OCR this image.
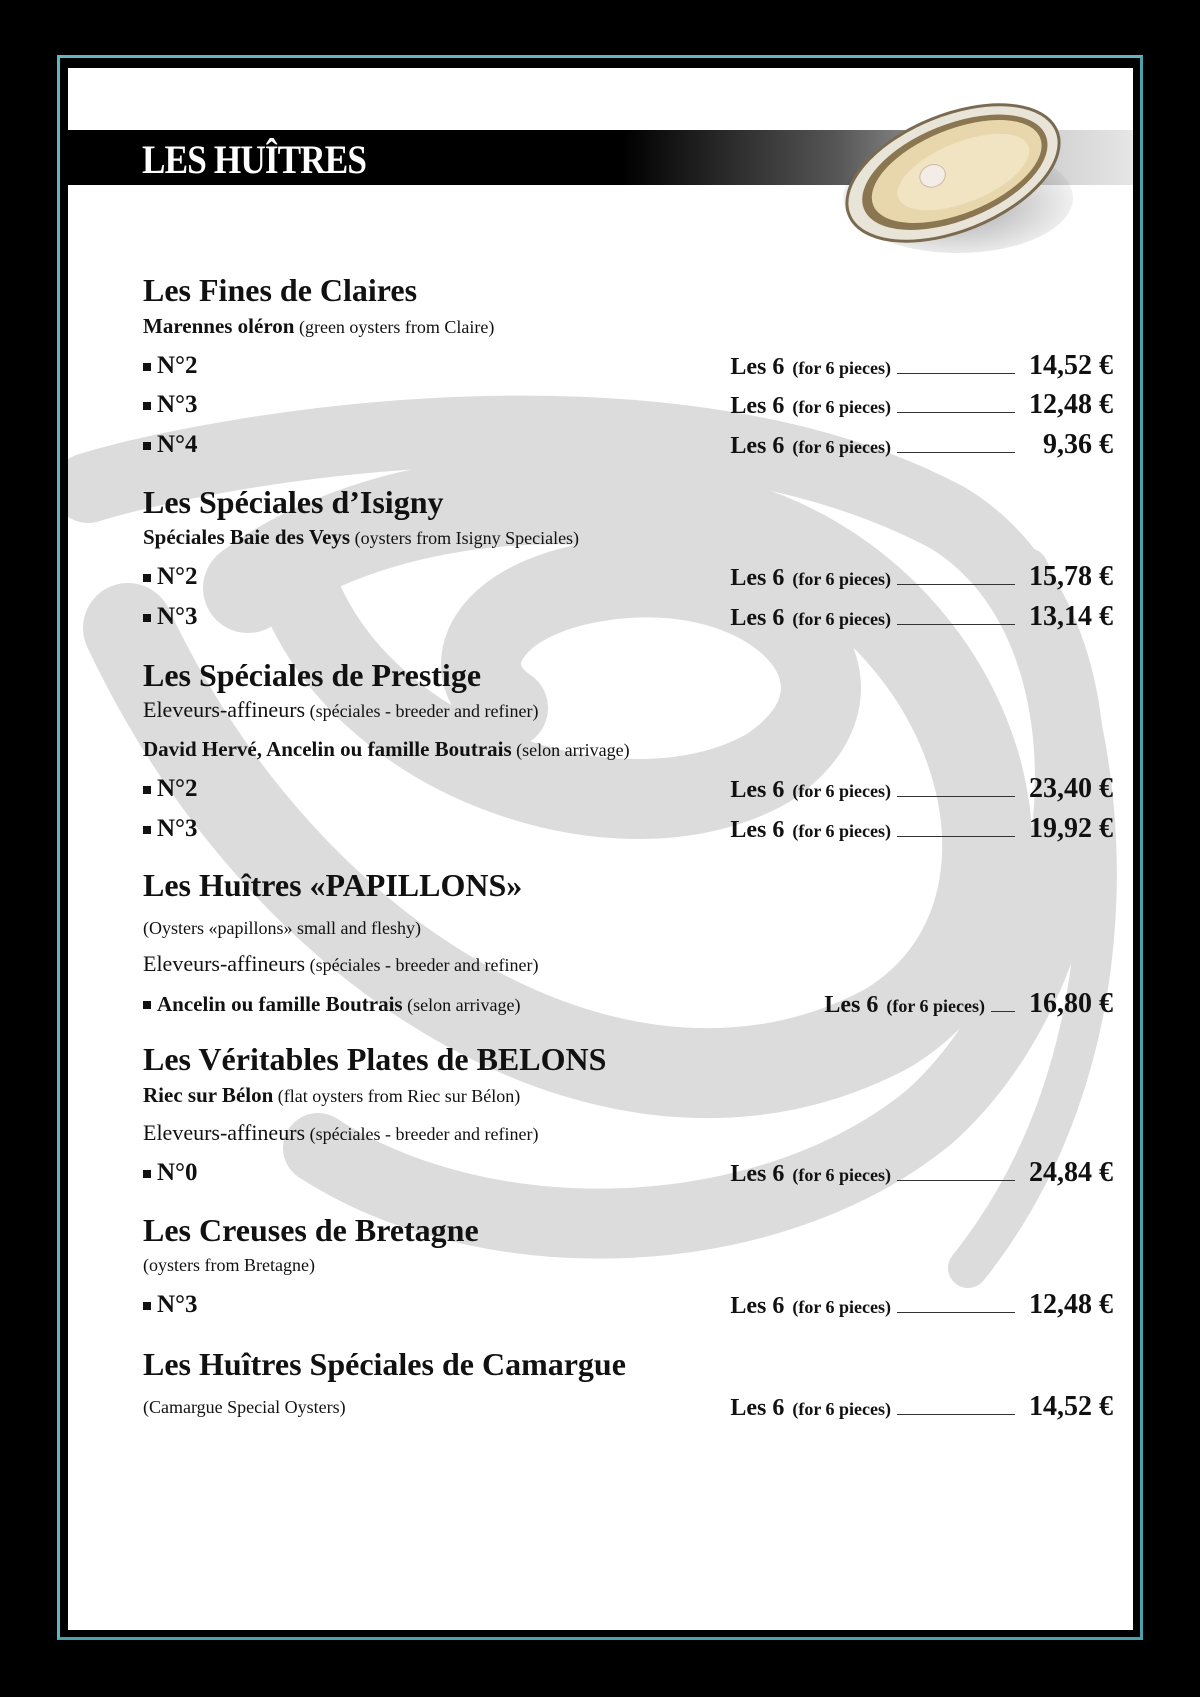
LES HUÎTRES
Les Fines de Claires
Marennes oléron (green oysters from Claire)
N°2	Les 6 (for 6 pieces)	14,52 €
N°3	Les 6 (for 6 pieces)	12,48 €
N°4	Les 6 (for 6 pieces)	9,36 €
Les Spéciales d’Isigny
Spéciales Baie des Veys (oysters from Isigny Speciales)
N°2	Les 6 (for 6 pieces)	15,78 €
N°3	Les 6 (for 6 pieces)	13,14 €
Les Spéciales de Prestige
Eleveurs-affineurs (spéciales - breeder and refiner)
David Hervé, Ancelin ou famille Boutrais (selon arrivage)
N°2	Les 6 (for 6 pieces)	23,40 €
N°3	Les 6 (for 6 pieces)	19,92 €
Les Huîtres «PAPILLONS»
(Oysters «papillons» small and fleshy)
Eleveurs-affineurs (spéciales - breeder and refiner)
Ancelin ou famille Boutrais (selon arrivage)	Les 6 (for 6 pieces)	16,80 €
Les Véritables Plates de BELONS
Riec sur Bélon (flat oysters from Riec sur Bélon)
Eleveurs-affineurs (spéciales - breeder and refiner)
N°0	Les 6 (for 6 pieces)	24,84 €
Les Creuses de Bretagne
(oysters from Bretagne)
N°3	Les 6 (for 6 pieces)	12,48 €
Les Huîtres Spéciales de Camargue
(Camargue Special Oysters)	Les 6 (for 6 pieces)	14,52 €
